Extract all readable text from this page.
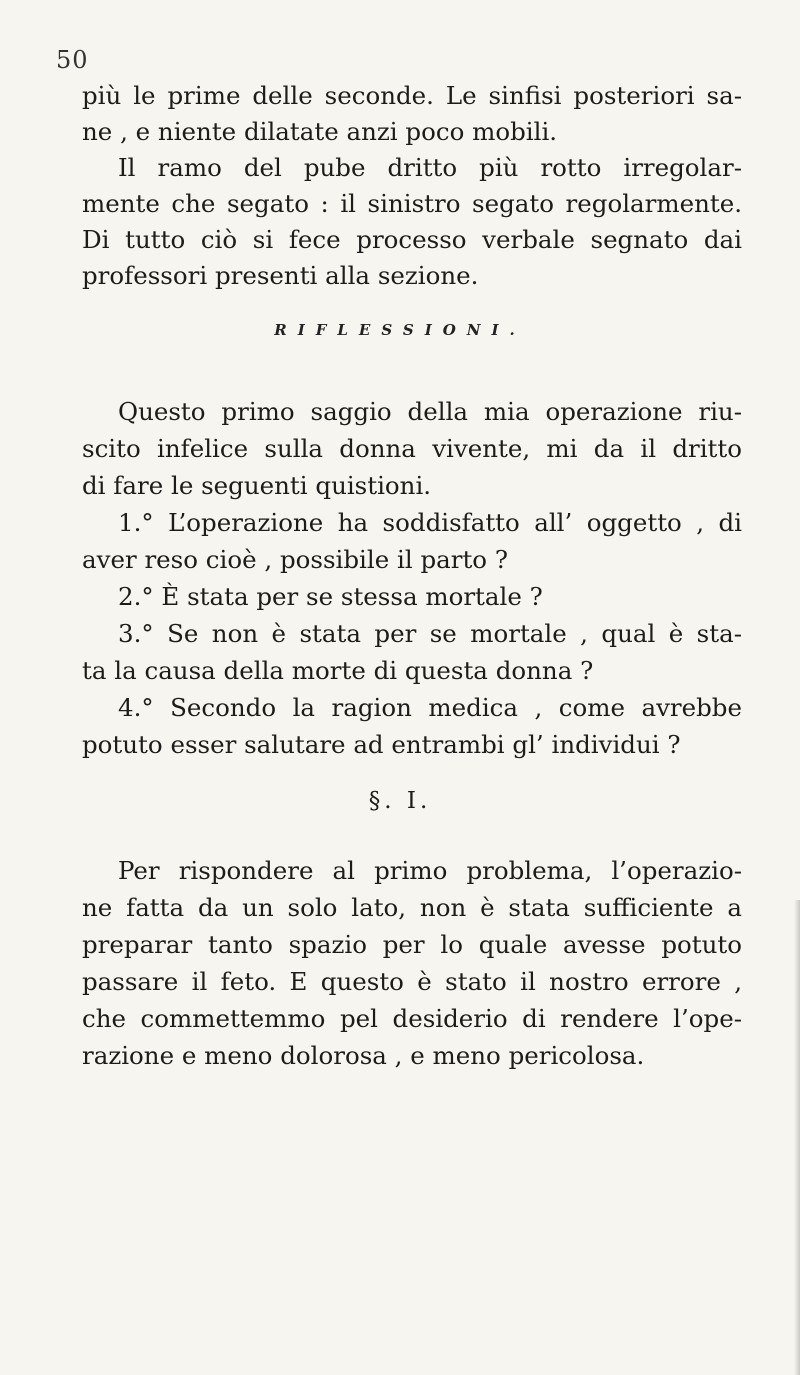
50
più le prime delle seconde. Le sinfisi posteriori sa-
ne , e niente dilatate anzi poco mobili.
Il ramo del pube dritto più rotto irregolar-
mente che segato : il sinistro segato regolarmente.
Di tutto ciò si fece processo verbale segnato dai
professori presenti alla sezione.
RIFLESSIONI.
Questo primo saggio della mia operazione riu-
scito infelice sulla donna vivente, mi da il dritto
di fare le seguenti quistioni.
1.° L’operazione ha soddisfatto all’ oggetto , di
aver reso cioè , possibile il parto ?
2.° È stata per se stessa mortale ?
3.° Se non è stata per se mortale , qual è sta-
ta la causa della morte di questa donna ?
4.° Secondo la ragion medica , come avrebbe
potuto esser salutare ad entrambi gl’ individui ?
§. I.
Per rispondere al primo problema, l’operazio-
ne fatta da un solo lato, non è stata sufficiente a
preparar tanto spazio per lo quale avesse potuto
passare il feto. E questo è stato il nostro errore ,
che commettemmo pel desiderio di rendere l’ope-
razione e meno dolorosa , e meno pericolosa.
